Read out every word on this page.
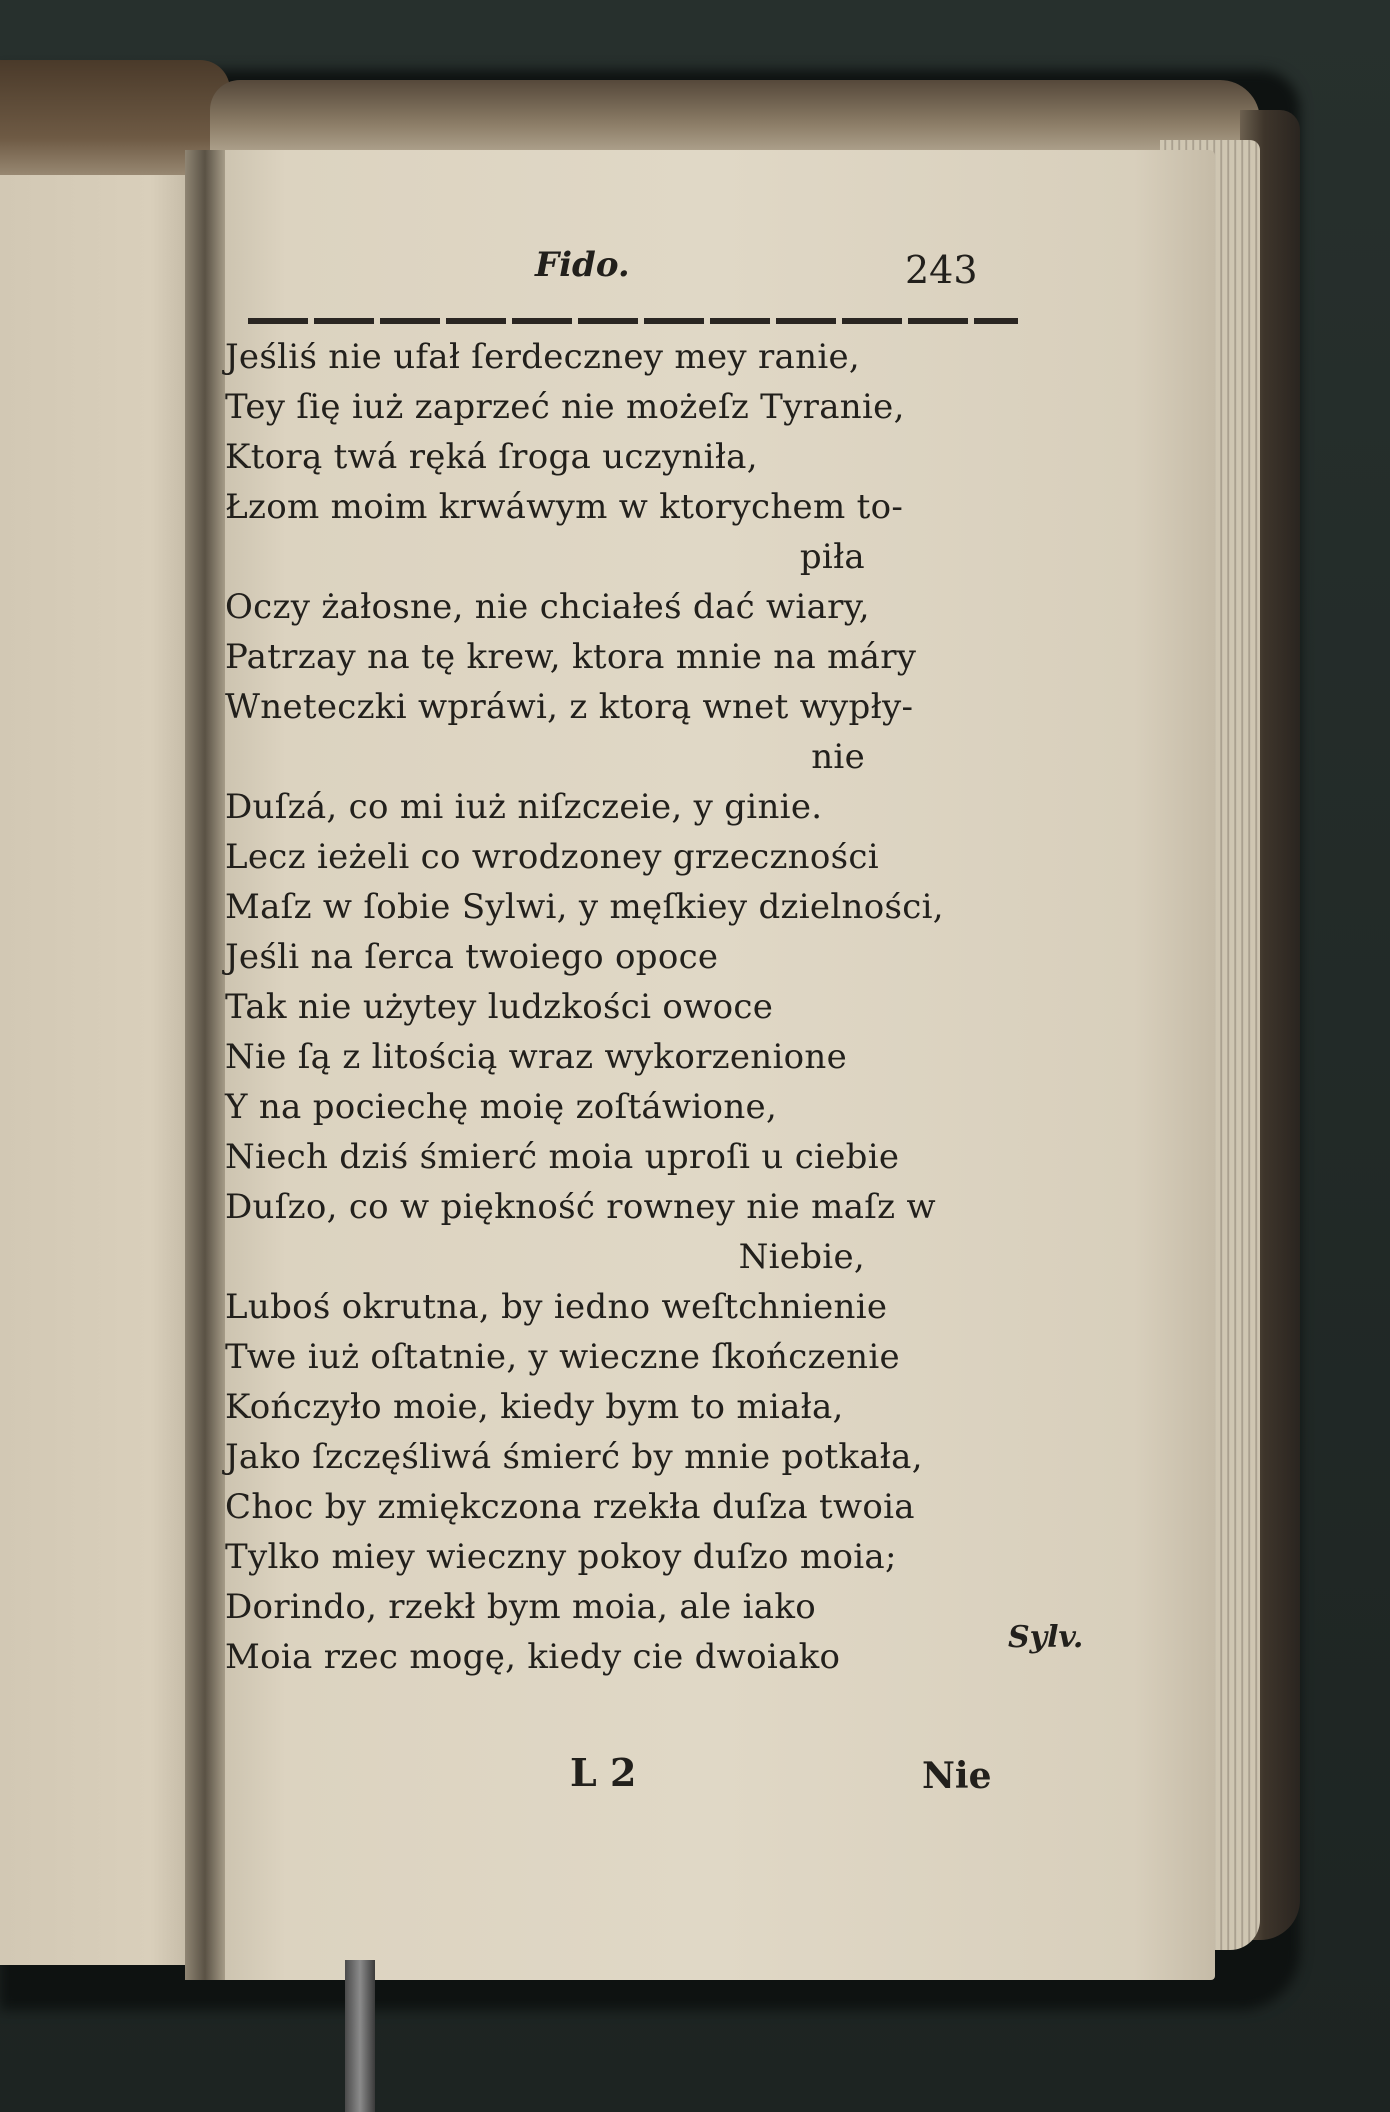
Fido.	243
Jeśliś nie ufał ſerdeczney mey ranie,
Tey ſię iuż zaprzeć nie możeſz Tyranie,
Ktorą twá ręká ſroga uczyniła,
Łzom moim krwáwym w ktorychem to-
piła
Oczy żałosne, nie chciałeś dać wiary,
Patrzay na tę krew, ktora mnie na máry
Wneteczki wpráwi, z ktorą wnet wypły-
nie
Duſzá, co mi iuż niſzczeie, y ginie.
Lecz ieżeli co wrodzoney grzeczności
Maſz w ſobie Sylwi, y męſkiey dzielności,
Jeśli na ſerca twoiego opoce
Tak nie użytey ludzkości owoce
Nie ſą z litością wraz wykorzenione
Y na pociechę moię zoſtáwione,
Niech dziś śmierć moia uproſi u ciebie
Duſzo, co w piękność rowney nie maſz w
Niebie,
Luboś okrutna, by iedno weſtchnienie
Twe iuż oſtatnie, y wieczne ſkończenie
Kończyło moie, kiedy bym to miała,
Jako ſzczęśliwá śmierć by mnie potkała,
Choc by zmiękczona rzekła duſza twoia
Tylko miey wieczny pokoy duſzo moia;
Dorindo, rzekł bym moia, ale iako
Moia rzec mogę, kiedy cie dwoiako	Sylv.
L 2	Nie
